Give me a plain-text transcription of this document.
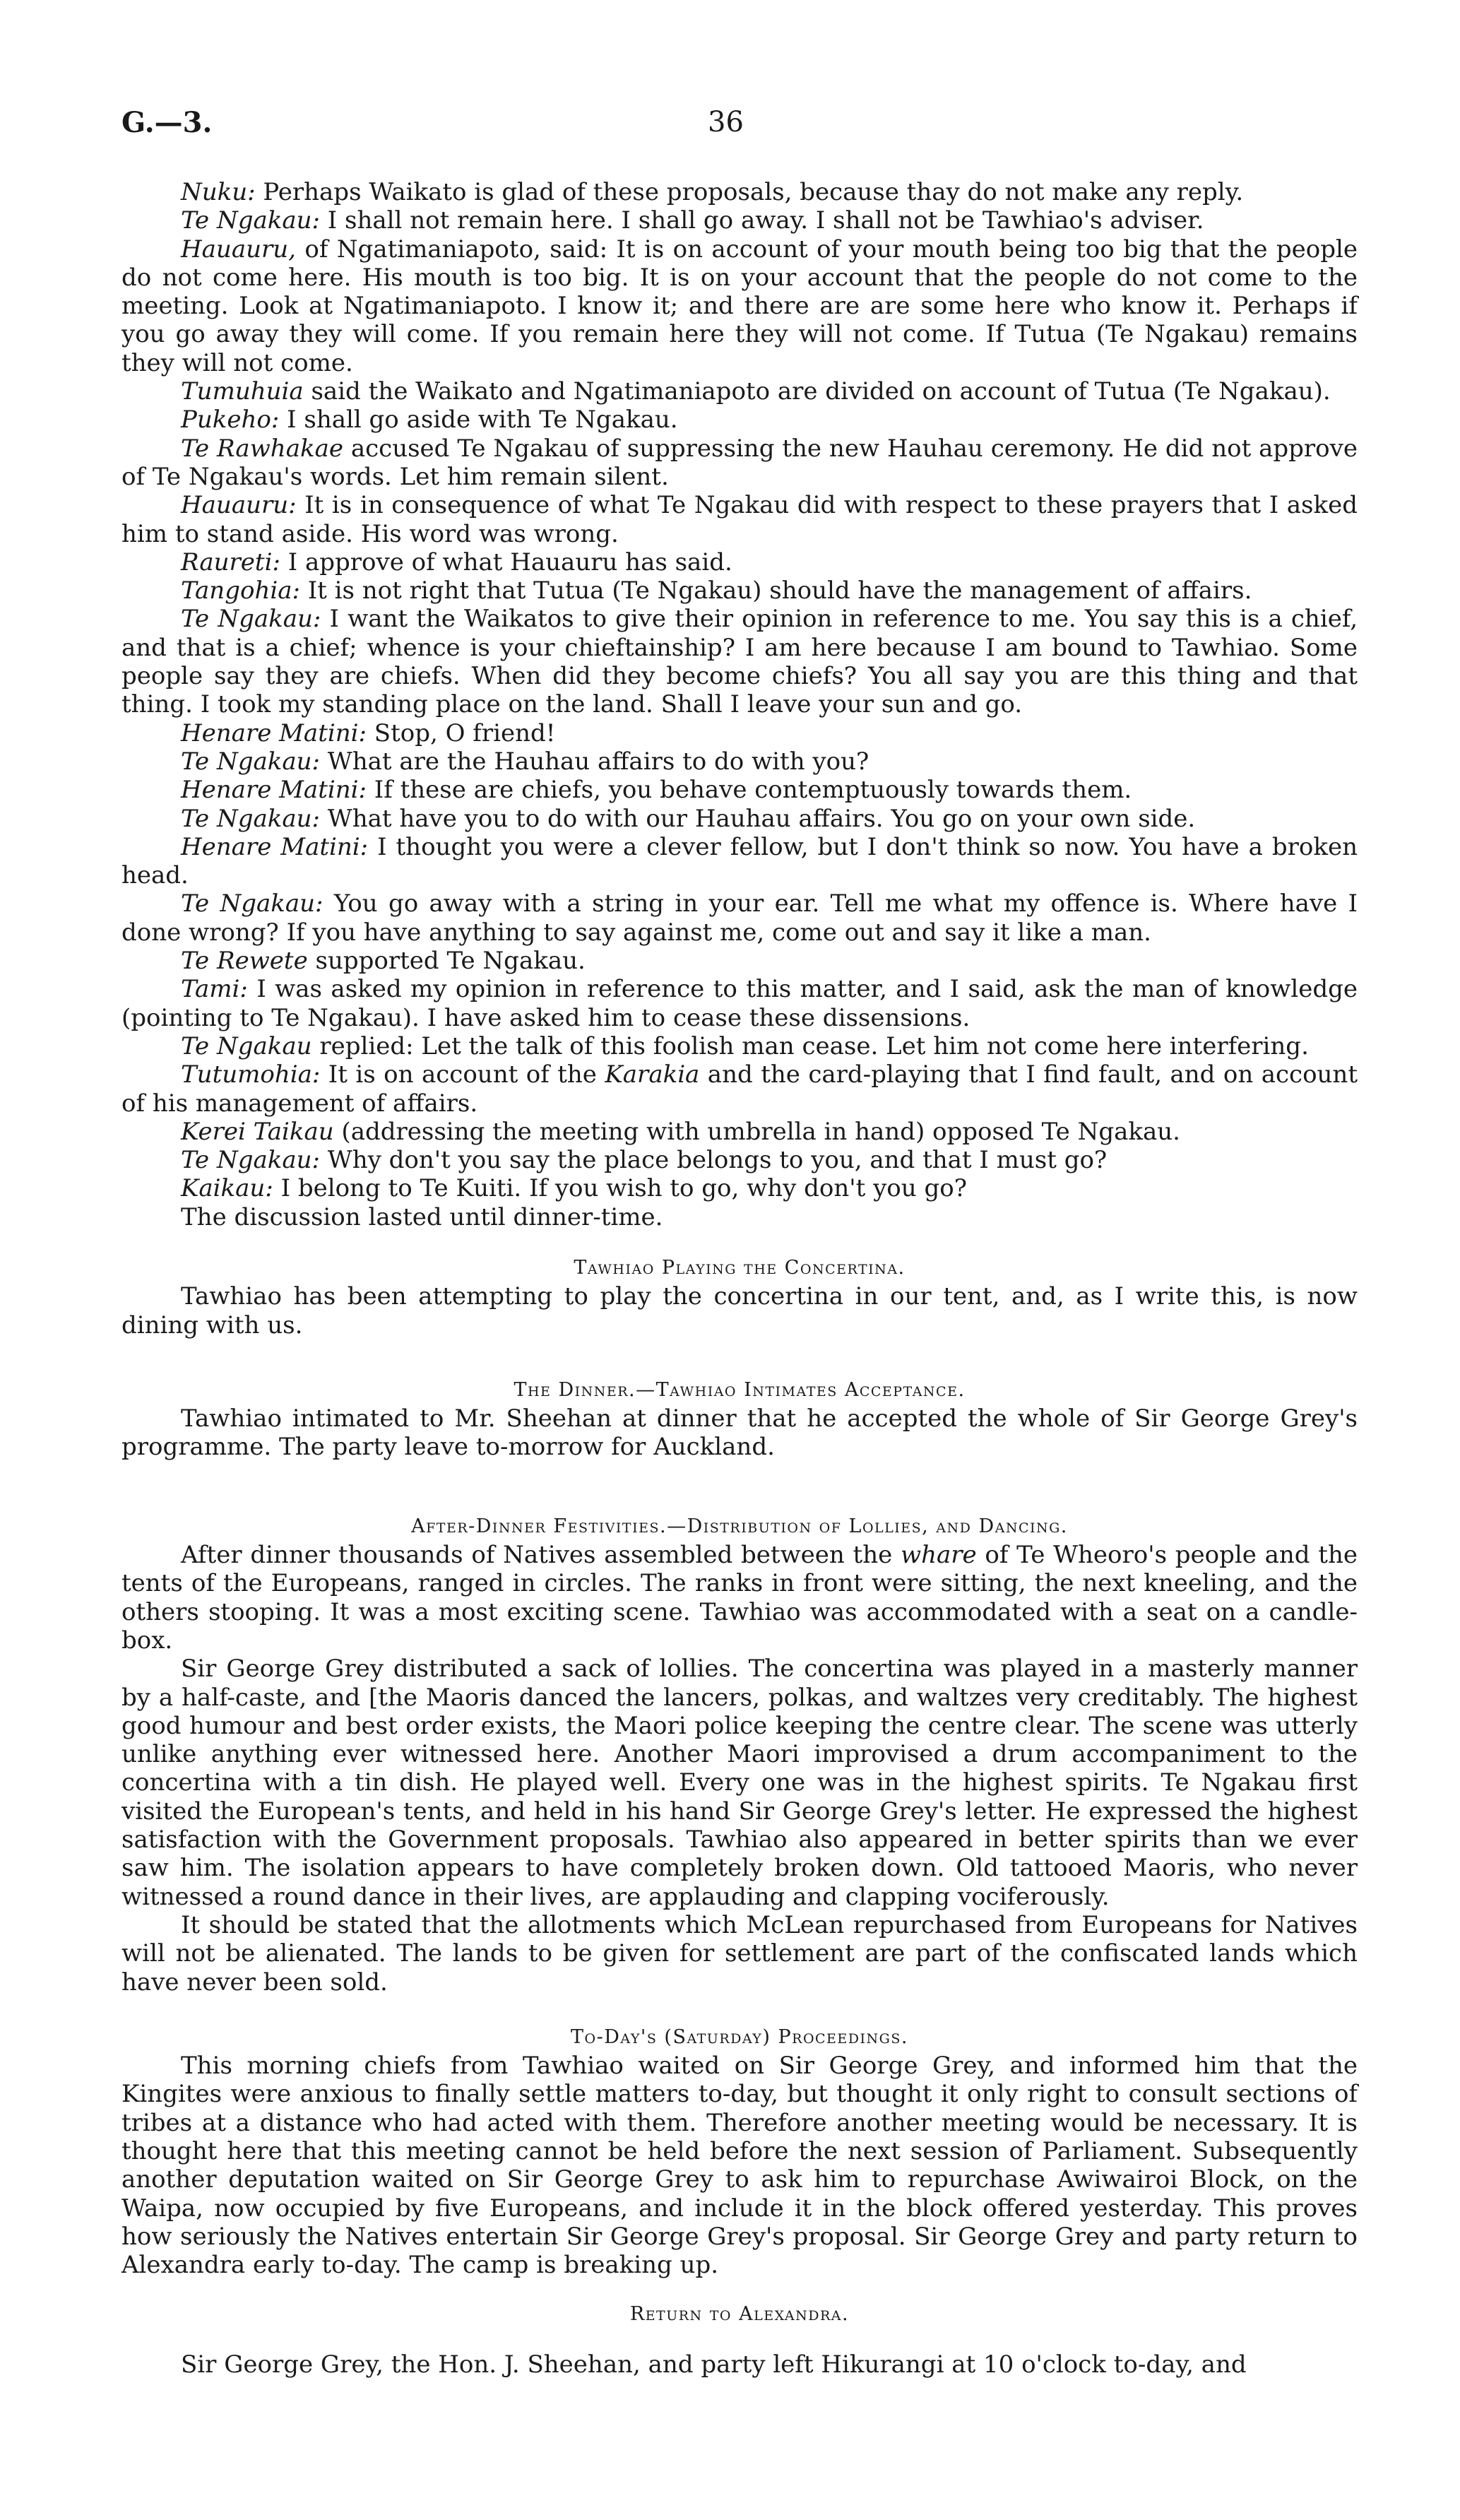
G.—3.	36

Nuku: Perhaps Waikato is glad of these proposals, because thay do not make any reply.

Te Ngakau: I shall not remain here. I shall go away. I shall not be Tawhiao's adviser.

Hauauru, of Ngatimaniapoto, said: It is on account of your mouth being too big that the people do not come here. His mouth is too big. It is on your account that the people do not come to the meeting. Look at Ngatimaniapoto. I know it; and there are are some here who know it. Perhaps if you go away they will come. If you remain here they will not come. If Tutua (Te Ngakau) remains they will not come.

Tumuhuia said the Waikato and Ngatimaniapoto are divided on account of Tutua (Te Ngakau).

Pukeho: I shall go aside with Te Ngakau.

Te Rawhakae accused Te Ngakau of suppressing the new Hauhau ceremony. He did not approve of Te Ngakau's words. Let him remain silent.

Hauauru: It is in consequence of what Te Ngakau did with respect to these prayers that I asked him to stand aside. His word was wrong.

Raureti: I approve of what Hauauru has said.

Tangohia: It is not right that Tutua (Te Ngakau) should have the management of affairs.

Te Ngakau: I want the Waikatos to give their opinion in reference to me. You say this is a chief, and that is a chief; whence is your chieftainship? I am here because I am bound to Tawhiao. Some people say they are chiefs. When did they become chiefs? You all say you are this thing and that thing. I took my standing place on the land. Shall I leave your sun and go.

Henare Matini: Stop, O friend!

Te Ngakau: What are the Hauhau affairs to do with you?

Henare Matini: If these are chiefs, you behave contemptuously towards them.

Te Ngakau: What have you to do with our Hauhau affairs. You go on your own side.

Henare Matini: I thought you were a clever fellow, but I don't think so now. You have a broken head.

Te Ngakau: You go away with a string in your ear. Tell me what my offence is. Where have I done wrong? If you have anything to say against me, come out and say it like a man.

Te Rewete supported Te Ngakau.

Tami: I was asked my opinion in reference to this matter, and I said, ask the man of knowledge (pointing to Te Ngakau). I have asked him to cease these dissensions.

Te Ngakau replied: Let the talk of this foolish man cease. Let him not come here interfering.

Tutumohia: It is on account of the Karakia and the card-playing that I find fault, and on account of his management of affairs.

Kerei Taikau (addressing the meeting with umbrella in hand) opposed Te Ngakau.

Te Ngakau: Why don't you say the place belongs to you, and that I must go?

Kaikau: I belong to Te Kuiti. If you wish to go, why don't you go?

The discussion lasted until dinner-time.

Tawhiao Playing the Concertina.

Tawhiao has been attempting to play the concertina in our tent, and, as I write this, is now dining with us.

The Dinner.—Tawhiao Intimates Acceptance.

Tawhiao intimated to Mr. Sheehan at dinner that he accepted the whole of Sir George Grey's programme. The party leave to-morrow for Auckland.

After-Dinner Festivities.—Distribution of Lollies, and Dancing.

After dinner thousands of Natives assembled between the whare of Te Wheoro's people and the tents of the Europeans, ranged in circles. The ranks in front were sitting, the next kneeling, and the others stooping. It was a most exciting scene. Tawhiao was accommodated with a seat on a candle-box.

Sir George Grey distributed a sack of lollies. The concertina was played in a masterly manner by a half-caste, and [the Maoris danced the lancers, polkas, and waltzes very creditably. The highest good humour and best order exists, the Maori police keeping the centre clear. The scene was utterly unlike anything ever witnessed here. Another Maori improvised a drum accompaniment to the concertina with a tin dish. He played well. Every one was in the highest spirits. Te Ngakau first visited the European's tents, and held in his hand Sir George Grey's letter. He expressed the highest satisfaction with the Government proposals. Tawhiao also appeared in better spirits than we ever saw him. The isolation appears to have completely broken down. Old tattooed Maoris, who never witnessed a round dance in their lives, are applauding and clapping vociferously.

It should be stated that the allotments which McLean repurchased from Europeans for Natives will not be alienated. The lands to be given for settlement are part of the confiscated lands which have never been sold.

To-Day's (Saturday) Proceedings.

This morning chiefs from Tawhiao waited on Sir George Grey, and informed him that the Kingites were anxious to finally settle matters to-day, but thought it only right to consult sections of tribes at a distance who had acted with them. Therefore another meeting would be necessary. It is thought here that this meeting cannot be held before the next session of Parliament. Subsequently another deputation waited on Sir George Grey to ask him to repurchase Awiwairoi Block, on the Waipa, now occupied by five Europeans, and include it in the block offered yesterday. This proves how seriously the Natives entertain Sir George Grey's proposal. Sir George Grey and party return to Alexandra early to-day. The camp is breaking up.

Return to Alexandra.

Sir George Grey, the Hon. J. Sheehan, and party left Hikurangi at 10 o'clock to-day, and
